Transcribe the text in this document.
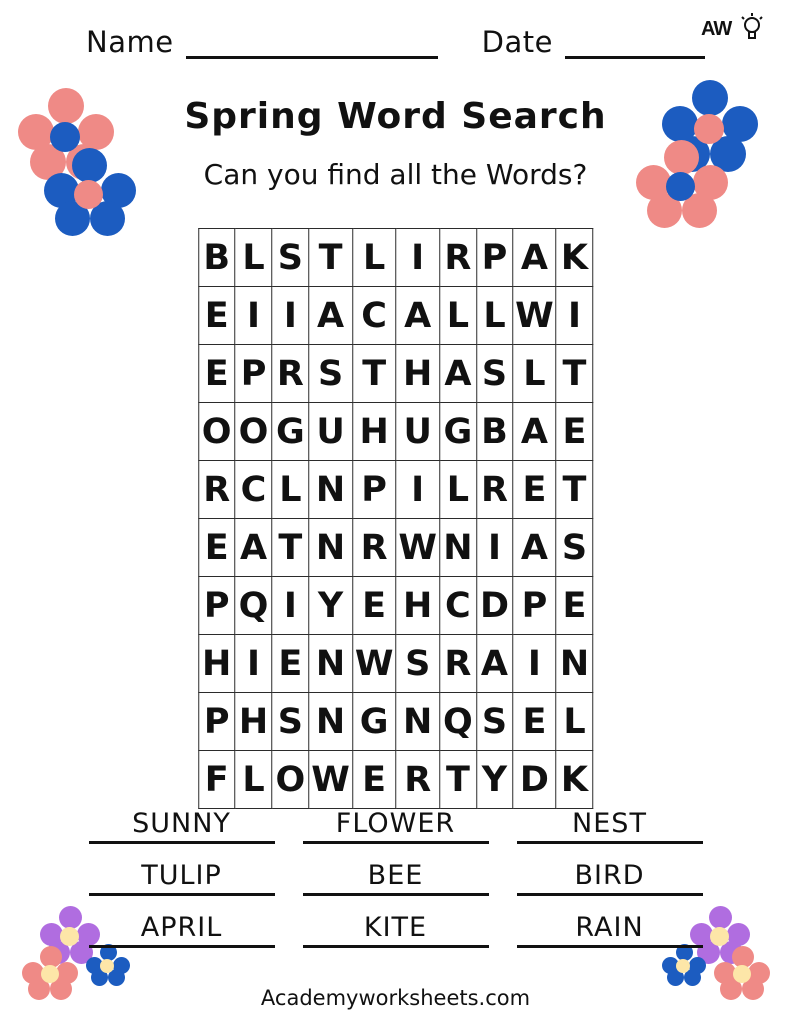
AW
Name	Date
Spring Word Search
Can you find all the Words?
B	L	S	T	L	I	R	P	A	K
E	I	I	A	C	A	L	L	W	I
E	P	R	S	T	H	A	S	L	T
O	O	G	U	H	U	G	B	A	E
R	C	L	N	P	I	L	R	E	T
E	A	T	N	R	W	N	I	A	S
P	Q	I	Y	E	H	C	D	P	E
H	I	E	N	W	S	R	A	I	N
P	H	S	N	G	N	Q	S	E	L
F	L	O	W	E	R	T	Y	D	K
SUNNY	FLOWER	NEST
TULIP	BEE	BIRD
APRIL	KITE	RAIN
Academyworksheets.com
